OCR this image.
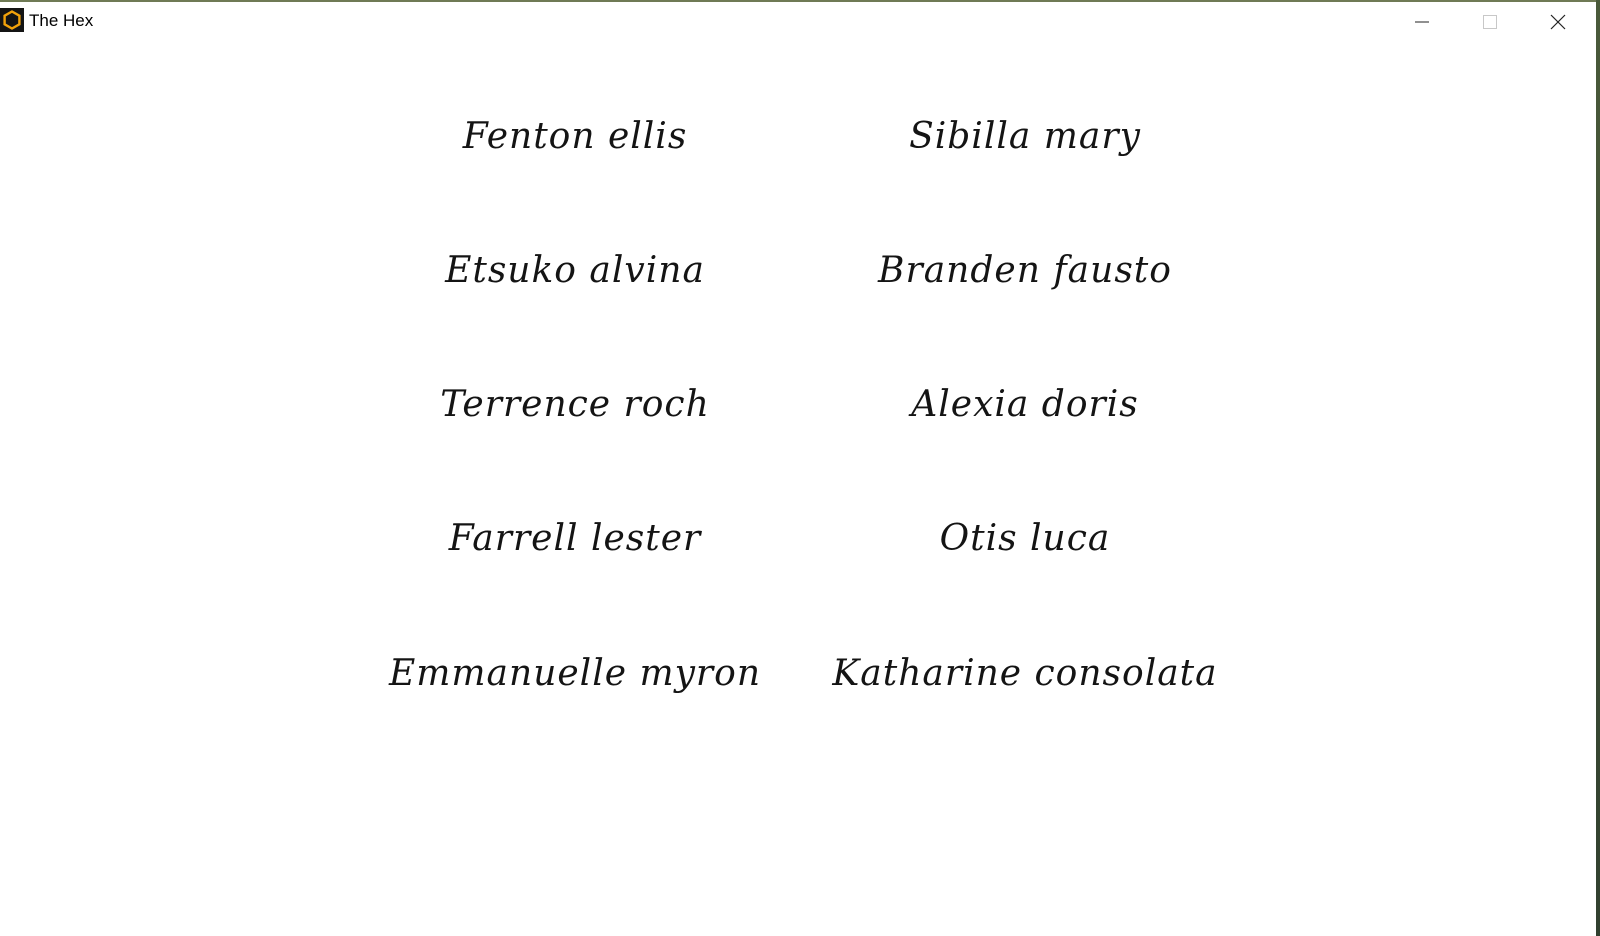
The Hex
Fenton ellis
Etsuko alvina
Terrence roch
Farrell lester
Emmanuelle myron
Sibilla mary
Branden fausto
Alexia doris
Otis luca
Katharine consolata
